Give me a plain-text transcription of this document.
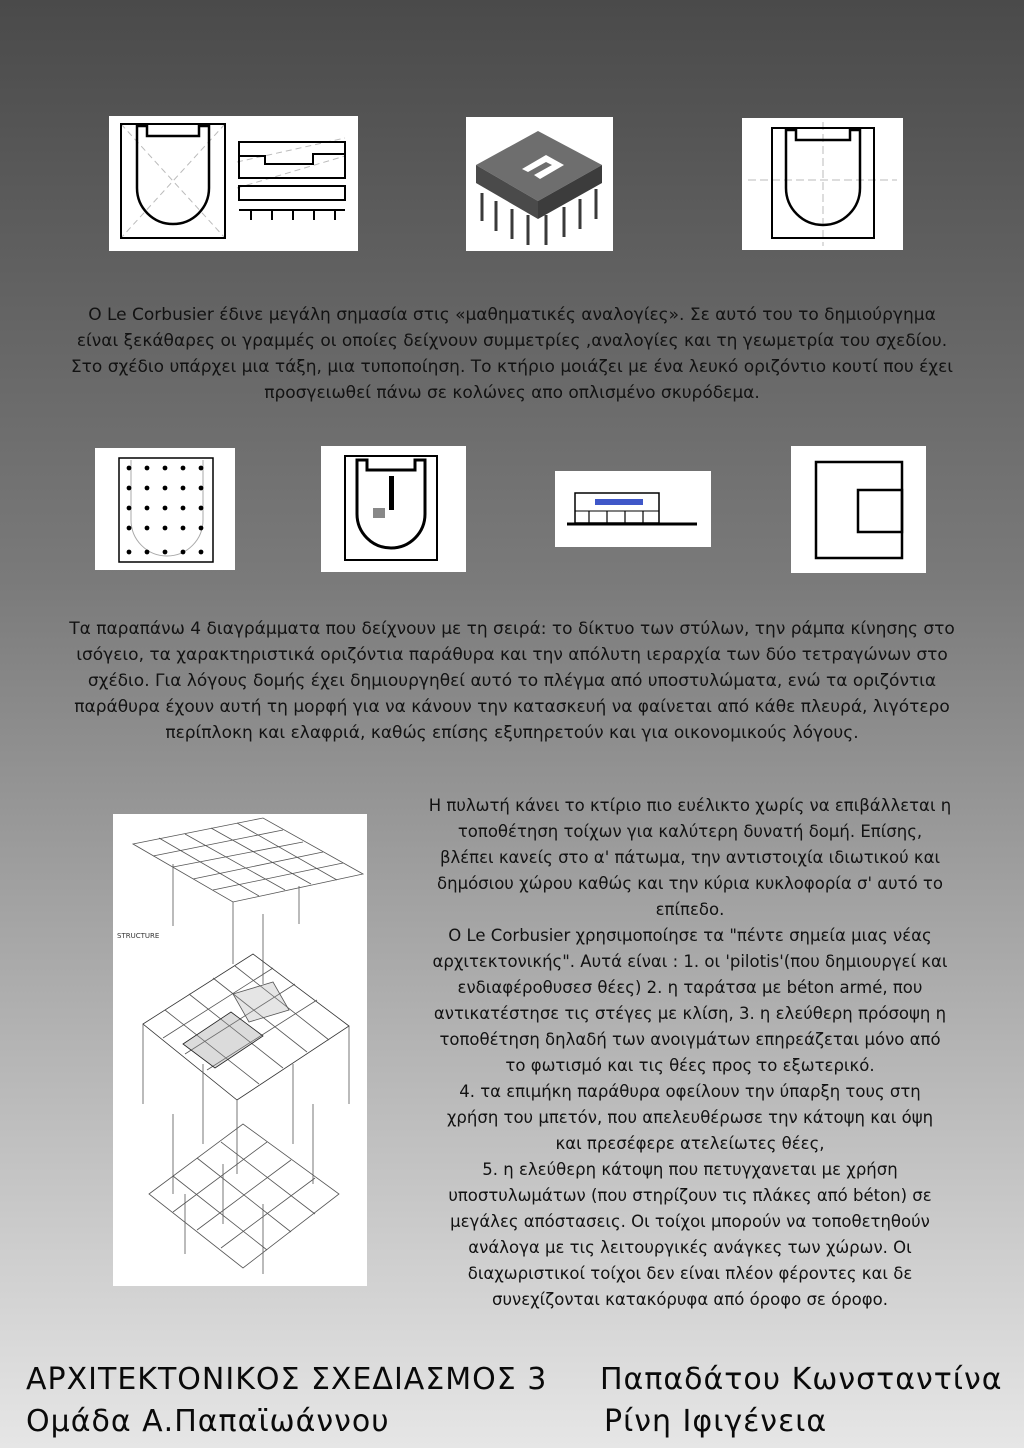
Ο Le Corbusier έδινε μεγάλη σημασία στις «μαθηματικές αναλογίες». Σε αυτό του το δημιούργημα
είναι ξεκάθαρες οι γραμμές οι οποίες δείχνουν συμμετρίες ,αναλογίες και τη γεωμετρία του σχεδίου.
Στο σχέδιο υπάρχει μια τάξη, μια τυποποίηση. Το κτήριο μοιάζει με ένα λευκό οριζόντιο κουτί που έχει
προσγειωθεί πάνω σε κολώνες απο οπλισμένο σκυρόδεμα.
Τα παραπάνω 4 διαγράμματα που δείχνουν με τη σειρά: το δίκτυο των στύλων, την ράμπα κίνησης στο
ισόγειο, τα χαρακτηριστικά οριζόντια παράθυρα και την απόλυτη ιεραρχία των δύο τετραγώνων στο
σχέδιο. Για λόγους δομής έχει δημιουργηθεί αυτό το πλέγμα από υποστυλώματα, ενώ τα οριζόντια
παράθυρα έχουν αυτή τη μορφή για να κάνουν την κατασκευή να φαίνεται από κάθε πλευρά, λιγότερο
περίπλοκη και ελαφριά, καθώς επίσης εξυπηρετούν και για οικονομικούς λόγους.
STRUCTURE
Η πυλωτή κάνει το κτίριο πιο ευέλικτο χωρίς να επιβάλλεται η
τοποθέτηση τοίχων για καλύτερη δυνατή δομή. Επίσης,
βλέπει κανείς στο α' πάτωμα, την αντιστοιχία ιδιωτικού και
δημόσιου χώρου καθώς και την κύρια κυκλοφορία σ' αυτό το
επίπεδο.
Ο Le Corbusier χρησιμοποίησε τα "πέντε σημεία μιας νέας
αρχιτεκτονικής". Αυτά είναι : 1. οι 'pilotis'(που δημιουργεί και
ενδιαφέροθυσεσ θέες) 2. η ταράτσα με béton armé, που
αντικατέστησε τις στέγες με κλίση, 3. η ελεύθερη πρόσοψη η
τοποθέτηση δηλαδή των ανοιγμάτων επηρεάζεται μόνο από
το φωτισμό και τις θέες προς το εξωτερικό.
4. τα επιμήκη παράθυρα οφείλουν την ύπαρξη τους στη
χρήση του μπετόν, που απελευθέρωσε την κάτοψη και όψη
και πρεσέφερε ατελείωτες θέες,
5. η ελεύθερη κάτοψη που πετυγχανεται με χρήση
υποστυλωμάτων (που στηρίζουν τις πλάκες από béton) σε
μεγάλες απόστασεις. Οι τοίχοι μπορούν να τοποθετηθούν
ανάλογα με τις λειτουργικές ανάγκες των χώρων. Οι
διαχωριστικοί τοίχοι δεν είναι πλέον φέροντες και δε
συνεχίζονται κατακόρυφα από όροφο σε όροφο.
ΑΡΧΙΤΕΚΤΟΝΙΚΟΣ ΣΧΕΔΙΑΣΜΟΣ 3
Ομάδα Α.Παπαϊωάννου
Παπαδάτου Κωνσταντίνα
Ρίνη Ιφιγένεια
